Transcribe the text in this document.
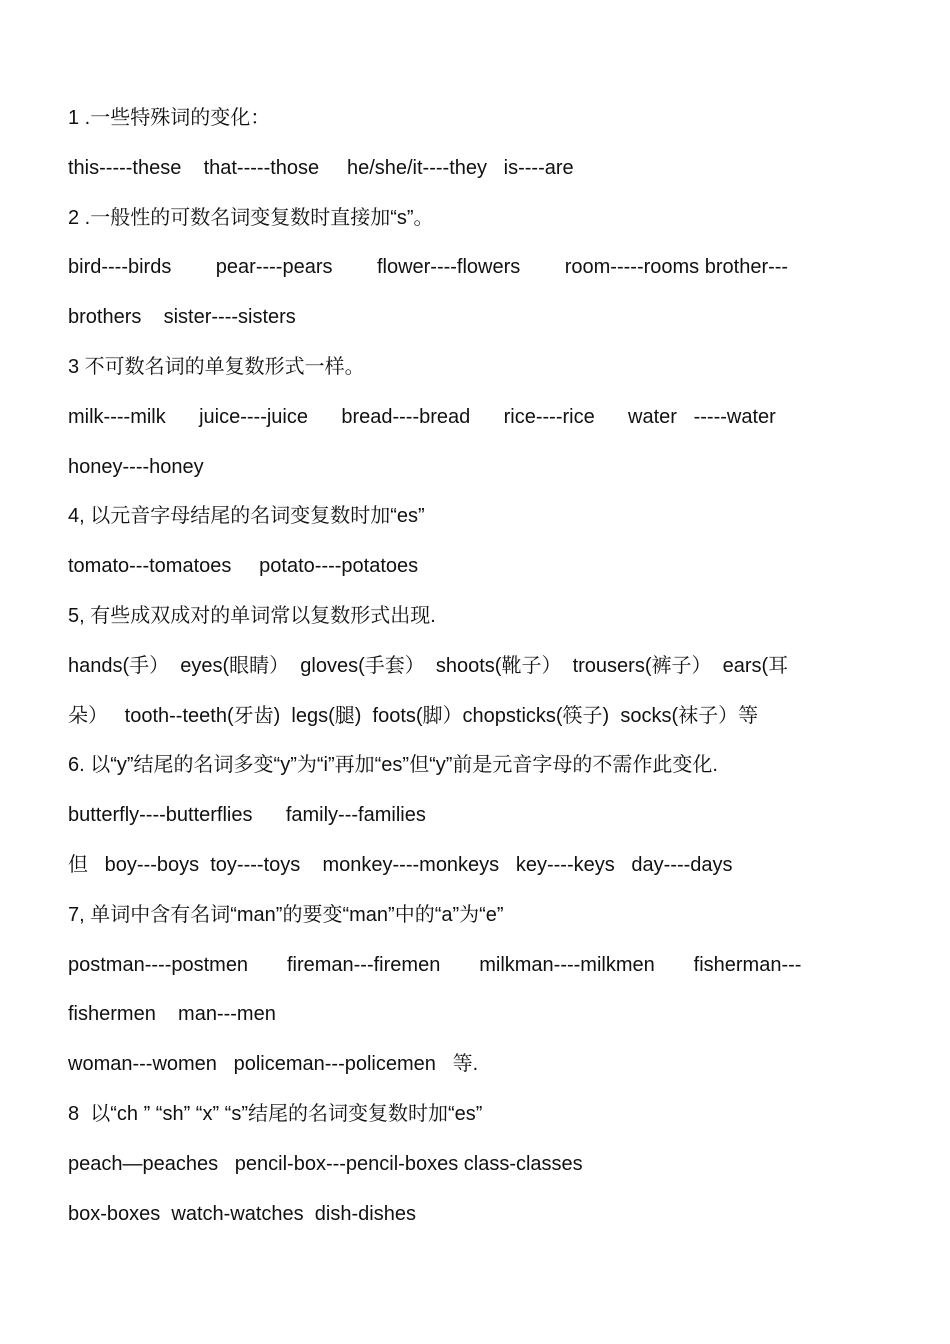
1 .一些特殊词的变化：
this-----these    that-----those     he/she/it----they   is----are
2 .一般性的可数名词变复数时直接加“s”。
bird----birds        pear----pears        flower----flowers        room-----rooms brother---
brothers    sister----sisters
3 不可数名词的单复数形式一样。
milk----milk      juice----juice      bread----bread      rice----rice      water   -----water
honey----honey
4, 以元音字母结尾的名词变复数时加“es”
tomato---tomatoes     potato----potatoes
5, 有些成双成对的单词常以复数形式出现.
hands(手）  eyes(眼睛）  gloves(手套）  shoots(靴子）  trousers(裤子）  ears(耳
朵）   tooth--teeth(牙齿)  legs(腿)  foots(脚）chopsticks(筷子)  socks(袜子）等
6. 以“y”结尾的名词多变“y”为“i”再加“es”但“y”前是元音字母的不需作此变化.
butterfly----butterflies      family---families
但   boy---boys  toy----toys    monkey----monkeys   key----keys   day----days
7, 单词中含有名词“man”的要变“man”中的“a”为“e”
postman----postmen       fireman---firemen       milkman----milkmen       fisherman---
fishermen    man---men
woman---women   policeman---policemen   等.
8  以“ch ” “sh” “x” “s”结尾的名词变复数时加“es”
peach—peaches   pencil-box---pencil-boxes class-classes
box-boxes  watch-watches  dish-dishes
